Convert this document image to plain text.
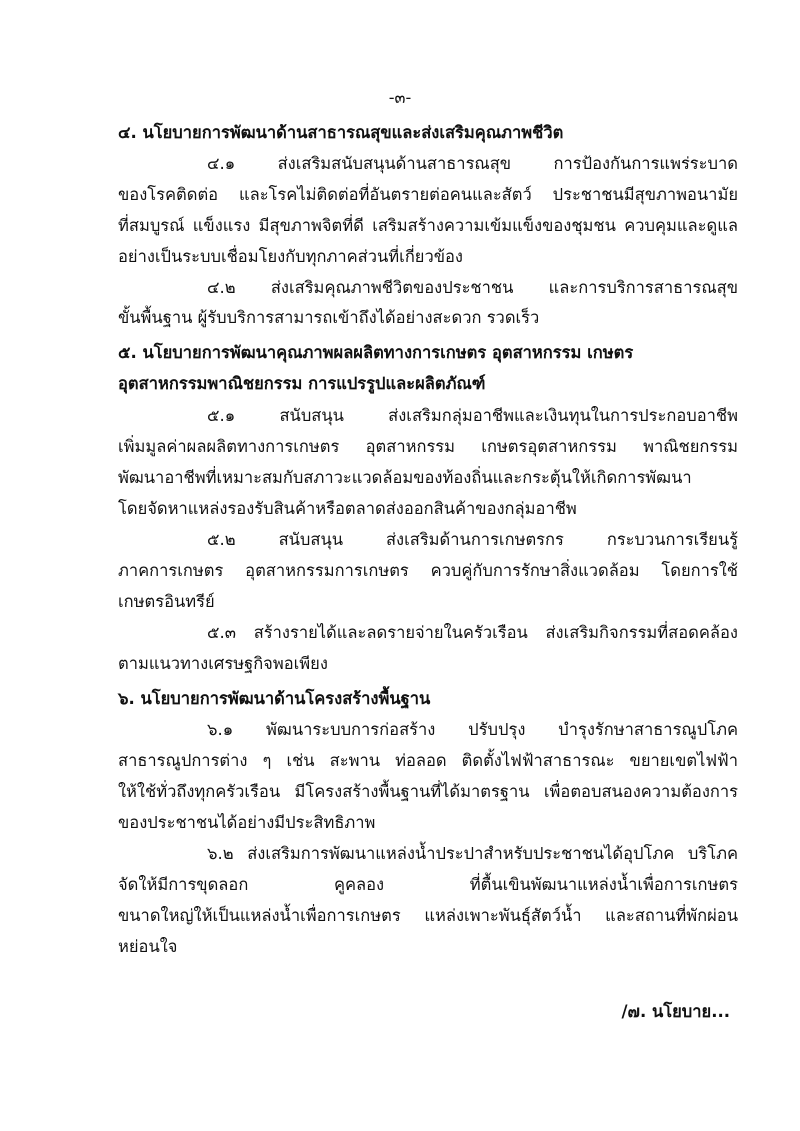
-๓-
๔. นโยบายการพัฒนาด้านสาธารณสุขและส่งเสริมคุณภาพชีวิต
๔.๑ ส่งเสริมสนับสนุนด้านสาธารณสุข การป้องกันการแพร่ระบาด
ของโรคติดต่อ และโรคไม่ติดต่อที่อันตรายต่อคนและสัตว์ ประชาชนมีสุขภาพอนามัย
ที่สมบูรณ์ แข็งแรง มีสุขภาพจิตที่ดี เสริมสร้างความเข้มแข็งของชุมชน ควบคุมและดูแล
อย่างเป็นระบบเชื่อมโยงกับทุกภาคส่วนที่เกี่ยวข้อง
๔.๒ ส่งเสริมคุณภาพชีวิตของประชาชน และการบริการสาธารณสุข
ขั้นพื้นฐาน ผู้รับบริการสามารถเข้าถึงได้อย่างสะดวก รวดเร็ว
๕. นโยบายการพัฒนาคุณภาพผลผลิตทางการเกษตร อุตสาหกรรม เกษตร
อุตสาหกรรมพาณิชยกรรม การแปรรูปและผลิตภัณฑ์
๕.๑ สนับสนุน ส่งเสริมกลุ่มอาชีพและเงินทุนในการประกอบอาชีพ
เพิ่มมูลค่าผลผลิตทางการเกษตร อุตสาหกรรม เกษตรอุตสาหกรรม พาณิชยกรรม
พัฒนาอาชีพที่เหมาะสมกับสภาวะแวดล้อมของท้องถิ่นและกระตุ้นให้เกิดการพัฒนา
โดยจัดหาแหล่งรองรับสินค้าหรือตลาดส่งออกสินค้าของกลุ่มอาชีพ
๕.๒ สนับสนุน ส่งเสริมด้านการเกษตรกร กระบวนการเรียนรู้
ภาคการเกษตร อุตสาหกรรมการเกษตร ควบคู่กับการรักษาสิ่งแวดล้อม โดยการใช้
เกษตรอินทรีย์
๕.๓ สร้างรายได้และลดรายจ่ายในครัวเรือน ส่งเสริมกิจกรรมที่สอดคล้อง
ตามแนวทางเศรษฐกิจพอเพียง
๖. นโยบายการพัฒนาด้านโครงสร้างพื้นฐาน
๖.๑ พัฒนาระบบการก่อสร้าง ปรับปรุง บำรุงรักษาสาธารณูปโภค
สาธารณูปการต่าง ๆ เช่น สะพาน ท่อลอด ติดตั้งไฟฟ้าสาธารณะ ขยายเขตไฟฟ้า
ให้ใช้ทั่วถึงทุกครัวเรือน มีโครงสร้างพื้นฐานที่ได้มาตรฐาน เพื่อตอบสนองความต้องการ
ของประชาชนได้อย่างมีประสิทธิภาพ
๖.๒ ส่งเสริมการพัฒนาแหล่งน้ำประปาสำหรับประชาชนได้อุปโภค บริโภค
จัดให้มีการขุดลอก คูคลอง ที่ตื้นเขินพัฒนาแหล่งน้ำเพื่อการเกษตร
ขนาดใหญ่ให้เป็นแหล่งน้ำเพื่อการเกษตร แหล่งเพาะพันธุ์สัตว์น้ำ และสถานที่พักผ่อน
หย่อนใจ
/๗. นโยบาย...
